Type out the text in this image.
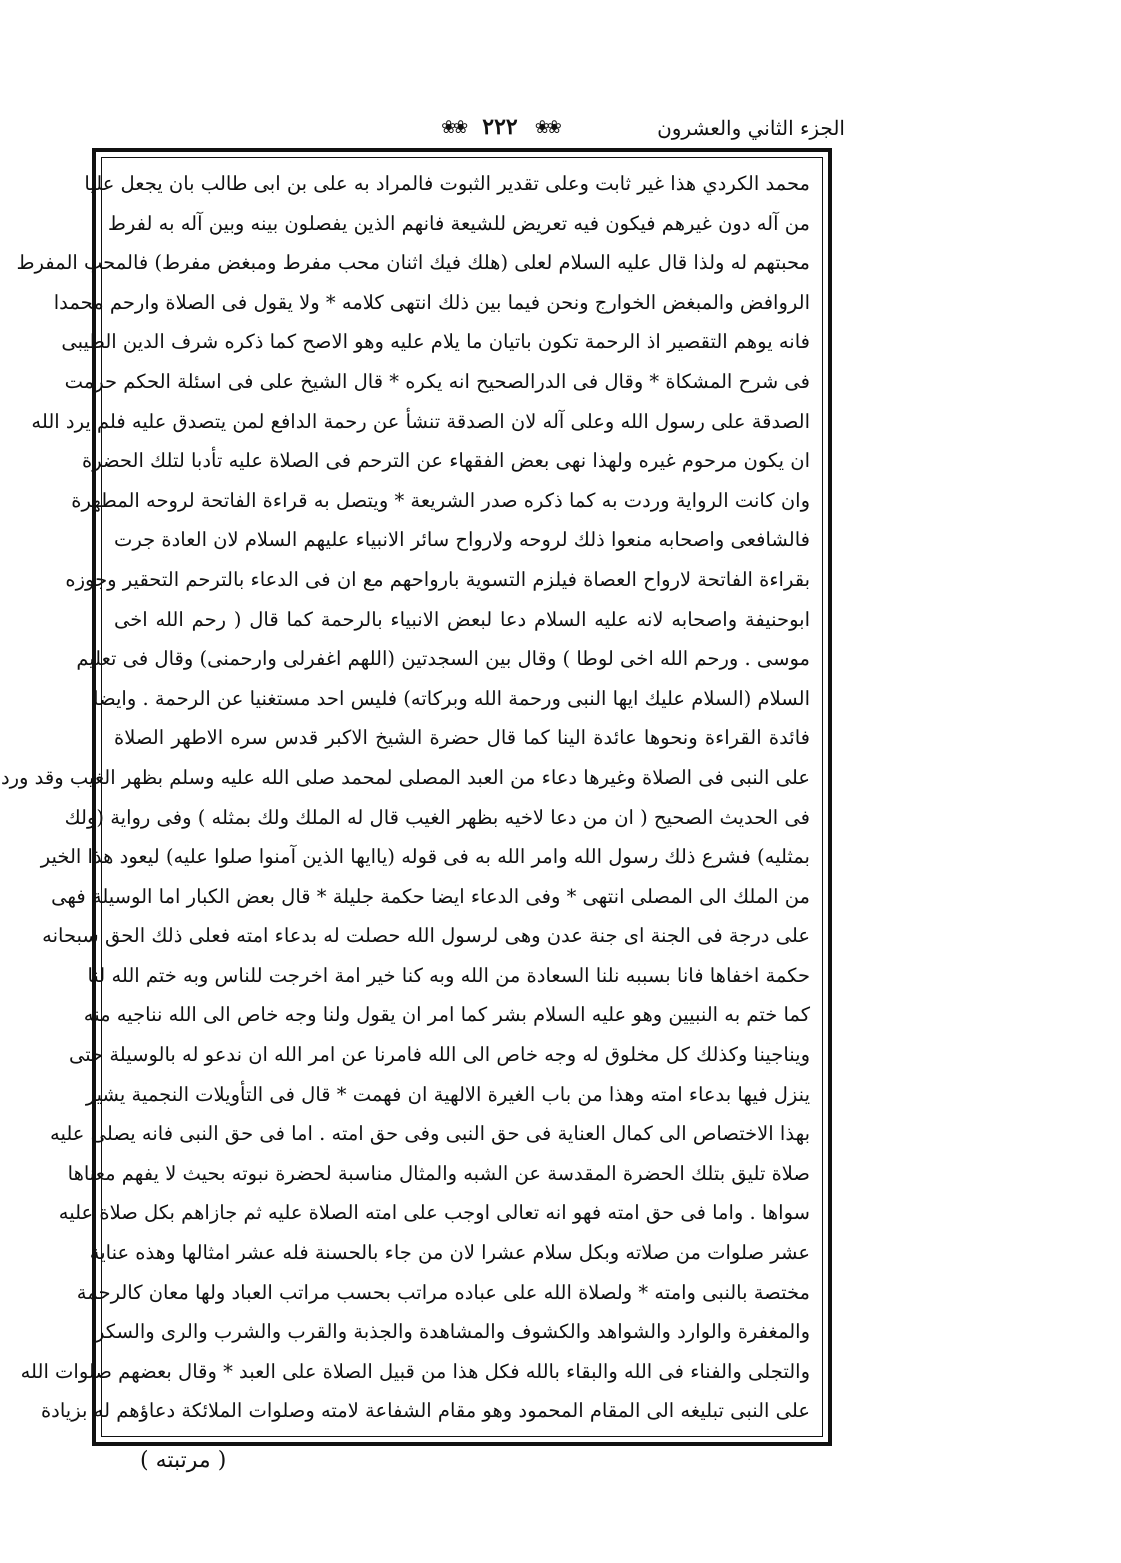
الجزء الثاني والعشرون
❀❀ ۲۲۲ ❀❀
محمد الكردي هذا غير ثابت وعلى تقدير الثبوت فالمراد به على بن ابى طالب بان يجعل عليا
من آله دون غيرهم فيكون فيه تعريض للشيعة فانهم الذين يفصلون بينه وبين آله به لفرط
محبتهم له ولذا قال عليه السلام لعلى (هلك فيك اثنان محب مفرط ومبغض مفرط) فالمحب المفرط
الروافض والمبغض الخوارج ونحن فيما بين ذلك انتهى كلامه * ولا يقول فى الصلاة وارحم محمدا
فانه يوهم التقصير اذ الرحمة تكون باتيان ما يلام عليه وهو الاصح كما ذكره شرف الدين الطيبى
فى شرح المشكاة * وقال فى الدرالصحيح انه يكره * قال الشيخ على فى اسئلة الحكم حرمت
الصدقة على رسول الله وعلى آله لان الصدقة تنشأ عن رحمة الدافع لمن يتصدق عليه فلم يرد الله
ان يكون مرحوم غيره ولهذا نهى بعض الفقهاء عن الترحم فى الصلاة عليه تأدبا لتلك الحضرة
وان كانت الرواية وردت به كما ذكره صدر الشريعة * ويتصل به قراءة الفاتحة لروحه المطهرة
فالشافعى واصحابه منعوا ذلك لروحه ولارواح سائر الانبياء عليهم السلام لان العادة جرت
بقراءة الفاتحة لارواح العصاة فيلزم التسوية بارواحهم مع ان فى الدعاء بالترحم التحقير وجوزه
ابوحنيفة واصحابه لانه عليه السلام دعا لبعض الانبياء بالرحمة كما قال ( رحم الله اخى
موسى . ورحم الله اخى لوطا ) وقال بين السجدتين (اللهم اغفرلى وارحمنى) وقال فى تعليم
السلام (السلام عليك ايها النبى ورحمة الله وبركاته) فليس احد مستغنيا عن الرحمة . وايضا
فائدة القراءة ونحوها عائدة الينا كما قال حضرة الشيخ الاكبر قدس سره الاطهر الصلاة
على النبى فى الصلاة وغيرها دعاء من العبد المصلى لمحمد صلى الله عليه وسلم بظهر الغيب وقد ورد
فى الحديث الصحيح ( ان من دعا لاخيه بظهر الغيب قال له الملك ولك بمثله ) وفى رواية (ولك
بمثليه) فشرع ذلك رسول الله وامر الله به فى قوله (ياايها الذين آمنوا صلوا عليه) ليعود هذا الخير
من الملك الى المصلى انتهى * وفى الدعاء ايضا حكمة جليلة * قال بعض الكبار اما الوسيلة فهى
على درجة فى الجنة اى جنة عدن وهى لرسول الله حصلت له بدعاء امته فعلى ذلك الحق سبحانه
حكمة اخفاها فانا بسببه نلنا السعادة من الله وبه كنا خير امة اخرجت للناس وبه ختم الله لنا
كما ختم به النبيين وهو عليه السلام بشر كما امر ان يقول ولنا وجه خاص الى الله نناجيه منه
ويناجينا وكذلك كل مخلوق له وجه خاص الى الله فامرنا عن امر الله ان ندعو له بالوسيلة حتى
ينزل فيها بدعاء امته وهذا من باب الغيرة الالهية ان فهمت * قال فى التأويلات النجمية يشير
بهذا الاختصاص الى كمال العناية فى حق النبى وفى حق امته . اما فى حق النبى فانه يصلى عليه
صلاة تليق بتلك الحضرة المقدسة عن الشبه والمثال مناسبة لحضرة نبوته بحيث لا يفهم معناها
سواها . واما فى حق امته فهو انه تعالى اوجب على امته الصلاة عليه ثم جازاهم بكل صلاة عليه
عشر صلوات من صلاته وبكل سلام عشرا لان من جاء بالحسنة فله عشر امثالها وهذه عناية
مختصة بالنبى وامته * ولصلاة الله على عباده مراتب بحسب مراتب العباد ولها معان كالرحمة
والمغفرة والوارد والشواهد والكشوف والمشاهدة والجذبة والقرب والشرب والرى والسكر
والتجلى والفناء فى الله والبقاء بالله فكل هذا من قبيل الصلاة على العبد * وقال بعضهم صلوات الله
على النبى تبليغه الى المقام المحمود وهو مقام الشفاعة لامته وصلوات الملائكة دعاؤهم له بزيادة
( مرتبته )
